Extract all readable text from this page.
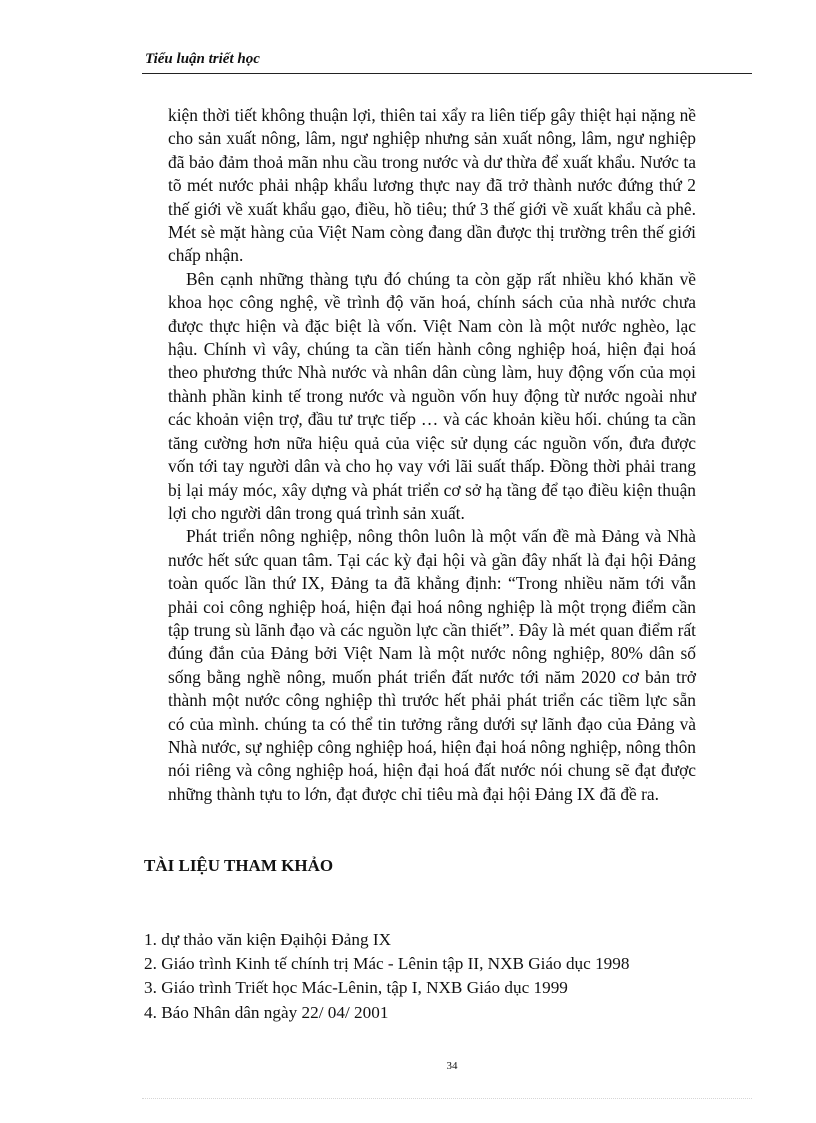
Tiểu luận triết học

kiện thời tiết không thuận lợi, thiên tai xẩy ra liên tiếp gây thiệt hại nặng nề cho sản xuất nông, lâm, ngư nghiệp nhưng sản xuất nông, lâm, ngư nghiệp đã bảo đảm thoả mãn nhu cầu trong nước và dư thừa để xuất khẩu. Nước ta tõ mét nước phải nhập khẩu lương thực nay đã trở thành nước đứng thứ 2 thế giới về xuất khẩu gạo, điều, hồ tiêu; thứ 3 thế giới về xuất khẩu cà phê. Mét sè mặt hàng của Việt Nam còng đang dần được thị trường trên thế giới chấp nhận.

Bên cạnh những thàng tựu đó chúng ta còn gặp rất nhiều khó khăn về khoa học công nghệ, về trình độ văn hoá, chính sách của nhà nước chưa được thực hiện và đặc biệt là vốn. Việt Nam còn là một nước nghèo, lạc hậu. Chính vì vây, chúng ta cần tiến hành công nghiệp hoá, hiện đại hoá theo phương thức Nhà nước và nhân dân cùng làm, huy động vốn của mọi thành phần kinh tế trong nước và nguồn vốn huy động từ nước ngoài như các khoản viện trợ, đầu tư trực tiếp … và các khoản kiều hối. chúng ta cần tăng cường hơn nữa hiệu quả của việc sử dụng các nguồn vốn, đưa được vốn tới tay người dân và cho họ vay với lãi suất thấp. Đồng thời phải trang bị lại máy móc, xây dựng và phát triển cơ sở hạ tầng để tạo điều kiện thuận lợi cho người dân trong quá trình sản xuất.

Phát triển nông nghiệp, nông thôn luôn là một vấn đề mà Đảng và Nhà nước hết sức quan tâm. Tại các kỳ đại hội và gần đây nhất là đại hội Đảng toàn quốc lần thứ IX, Đảng ta đã khẳng định: “Trong nhiều năm tới vẫn phải coi công nghiệp hoá, hiện đại hoá nông nghiệp là một trọng điểm cần tập trung sù lãnh đạo và các nguồn lực cần thiết”. Đây là mét quan điểm rất đúng đắn của Đảng bởi Việt Nam là một nước nông nghiệp, 80% dân số sống bằng nghề nông, muốn phát triển đất nước tới năm 2020 cơ bản trở thành một nước công nghiệp thì trước hết phải phát triển các tiềm lực sẵn có của mình. chúng ta có thể tin tưởng rằng dưới sự lãnh đạo của Đảng và Nhà nước, sự nghiệp công nghiệp hoá, hiện đại hoá nông nghiệp, nông thôn nói riêng và công nghiệp hoá, hiện đại hoá đất nước nói chung sẽ đạt được những thành tựu to lớn, đạt được chỉ tiêu mà đại hội Đảng IX đã đề ra.

TÀI LIỆU THAM KHẢO
1. dự thảo văn kiện Đạihội Đảng IX
2. Giáo trình Kinh tế chính trị Mác - Lênin tập II, NXB Giáo dục 1998
3. Giáo trình Triết học Mác-Lênin, tập I, NXB Giáo dục 1999
4. Báo Nhân dân ngày 22/ 04/ 2001
34
